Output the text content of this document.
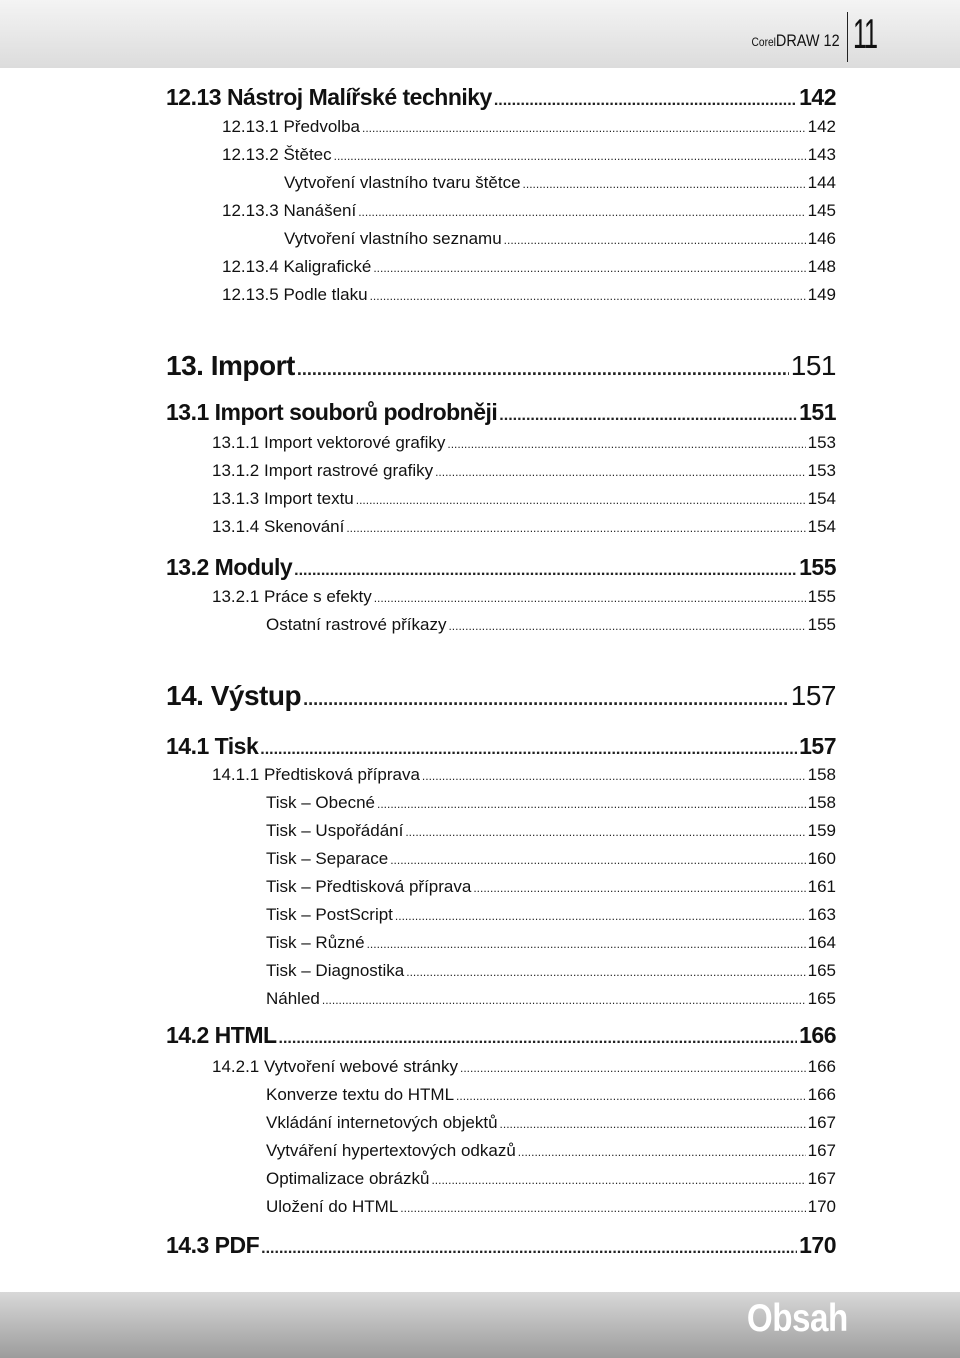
CorelDRAW 12 11
12.13 Nástroj Malířské techniky .....	142
12.13.1 Předvolba .....	142
12.13.2 Štětec .....	143
Vytvoření vlastního tvaru štětce .....	144
12.13.3 Nanášení .....	145
Vytvoření vlastního seznamu .....	146
12.13.4 Kaligrafické .....	148
12.13.5 Podle tlaku .....	149
13. Import .....	151
13.1 Import souborů podrobněji .....	151
13.1.1 Import vektorové grafiky .....	153
13.1.2 Import rastrové grafiky .....	153
13.1.3 Import textu .....	154
13.1.4 Skenování .....	154
13.2 Moduly .....	155
13.2.1 Práce s efekty .....	155
Ostatní rastrové příkazy .....	155
14. Výstup .....	157
14.1 Tisk .....	157
14.1.1 Předtisková příprava .....	158
Tisk – Obecné .....	158
Tisk – Uspořádání .....	159
Tisk – Separace .....	160
Tisk – Předtisková příprava .....	161
Tisk – PostScript .....	163
Tisk – Různé .....	164
Tisk – Diagnostika .....	165
Náhled .....	165
14.2 HTML .....	166
14.2.1 Vytvoření webové stránky .....	166
Konverze textu do HTML .....	166
Vkládání internetových objektů .....	167
Vytváření hypertextových odkazů .....	167
Optimalizace obrázků .....	167
Uložení do HTML .....	170
14.3 PDF .....	170
Obsah
